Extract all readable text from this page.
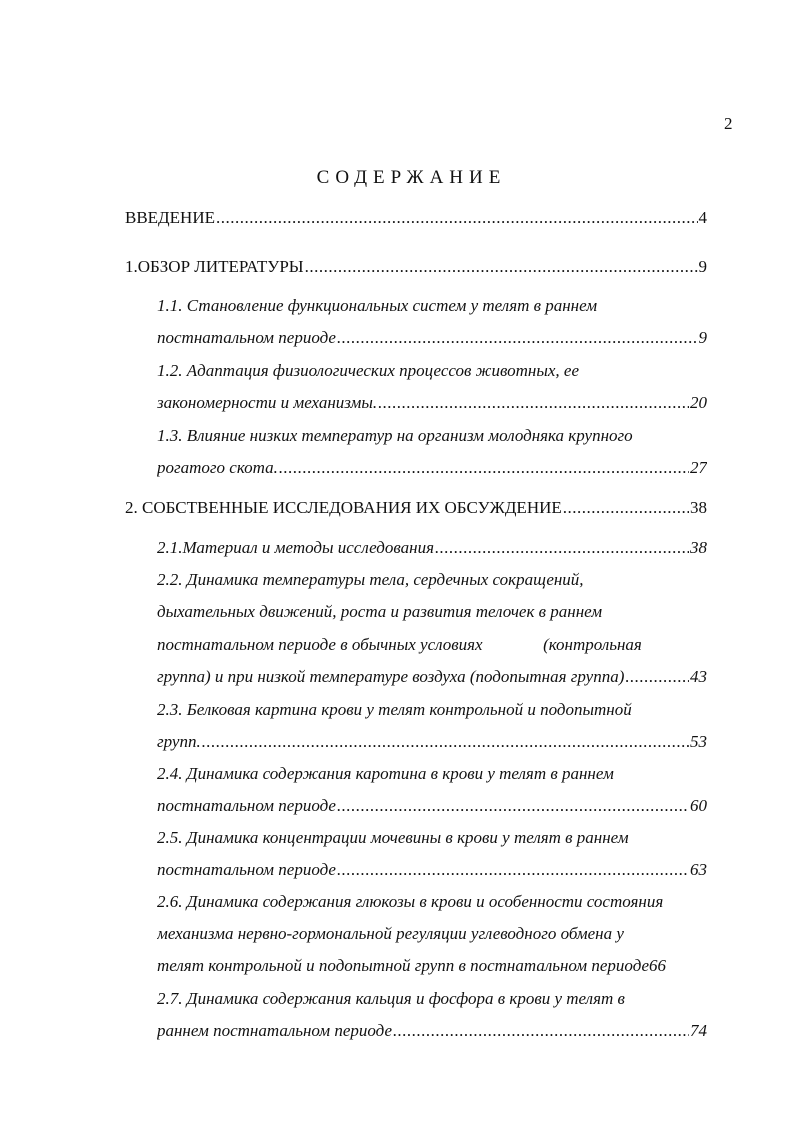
2
СОДЕРЖАНИЕ
ВВЕДЕНИЕ .....	4
1. ОБЗОР ЛИТЕРАТУРЫ .....	9
1.1. Становление функциональных систем у телят в раннем
постнатальном периоде .....	9
1.2. Адаптация физиологических процессов животных, ее
закономерности и механизмы. .....	20
1.3. Влияние низких температур на организм молодняка крупного
рогатого скота. .....	27
2. СОБСТВЕННЫЕ ИССЛЕДОВАНИЯ ИХ ОБСУЖДЕНИЕ .....	38
2.1.Материал и методы исследования .....	38
2.2. Динамика температуры тела, сердечных сокращений,
дыхательных движений, роста и развития телочек в раннем
постнатальном периоде в обычных условиях	(контрольная
группа) и при низкой температуре воздуха (подопытная группа) .....	43
2.3. Белковая картина крови у телят контрольной и подопытной
групп. .....	53
2.4. Динамика содержания каротина в крови у телят в раннем
постнатальном периоде .....	60
2.5. Динамика концентрации мочевины в крови у телят в раннем
постнатальном периоде .....	63
2.6. Динамика содержания глюкозы в крови и особенности состояния
механизма нервно-гормональной регуляции углеводного обмена у
телят контрольной и подопытной групп в постнатальном периоде 66
2.7. Динамика содержания кальция и фосфора в крови у телят в
раннем постнатальном периоде .....	74
